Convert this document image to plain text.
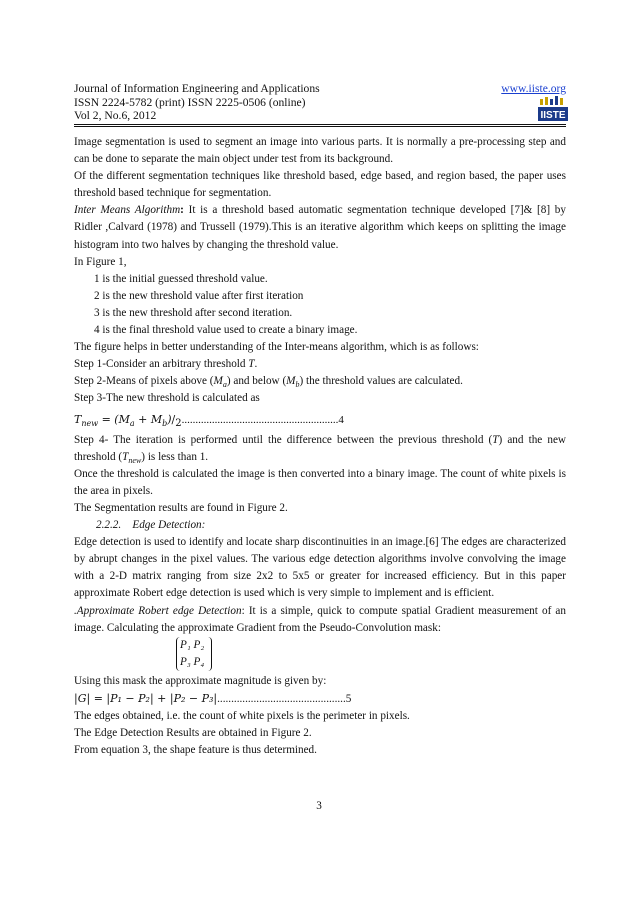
Journal of Information Engineering and Applications
ISSN 2224-5782 (print) ISSN 2225-0506 (online)
Vol 2, No.6, 2012
www.iiste.org
IISTE

Image segmentation is used to segment an image into various parts. It is normally a pre-processing step and can be done to separate the main object under test from its background.

Of the different segmentation techniques like threshold based, edge based, and region based, the paper uses threshold based technique for segmentation.

Inter Means Algorithm: It is a threshold based automatic segmentation technique developed [7]& [8] by Ridler ,Calvard (1978) and Trussell (1979).This is an iterative algorithm which keeps on splitting the image histogram into two halves by changing the threshold value.

In Figure 1,

1 is the initial guessed threshold value.

2 is the new threshold value after first iteration

3 is the new threshold after second iteration.

4 is the final threshold value used to create a binary image.

The figure helps in better understanding of the Inter-means algorithm, which is as follows:

Step 1-Consider an arbitrary threshold T.

Step 2-Means of pixels above $(M_a)$ and below $(M_b)$ the threshold values are calculated.

Step 3-The new threshold is calculated as

$T_{new} = (M_a + M_b)/_2.........................................................4$

Step 4- The iteration is performed until the difference between the previous threshold (T) and the new threshold $(T_{new})$ is less than 1.

Once the threshold is calculated the image is then converted into a binary image. The count of white pixels is the area in pixels.

The Segmentation results are found in Figure 2.

2.2.2. Edge Detection:

Edge detection is used to identify and locate sharp discontinuities in an image.[6] The edges are characterized by abrupt changes in the pixel values. The various edge detection algorithms involve convolving the image with a 2-D matrix ranging from size 2x2 to 5x5 or greater for increased efficiency. But in this paper approximate Robert edge detection is used which is very simple to implement and is efficient.

.Approximate Robert edge Detection: It is a simple, quick to compute spatial Gradient measurement of an image. Calculating the approximate Gradient from the Pseudo-Convolution mask:

P₁ P₂
P₃ P₄

Using this mask the approximate magnitude is given by:

|G| = |P₁ − P₂| + |P₂ − P₃|..............................................5

The edges obtained, i.e. the count of white pixels is the perimeter in pixels.

The Edge Detection Results are obtained in Figure 2.

From equation 3, the shape feature is thus determined.

3
